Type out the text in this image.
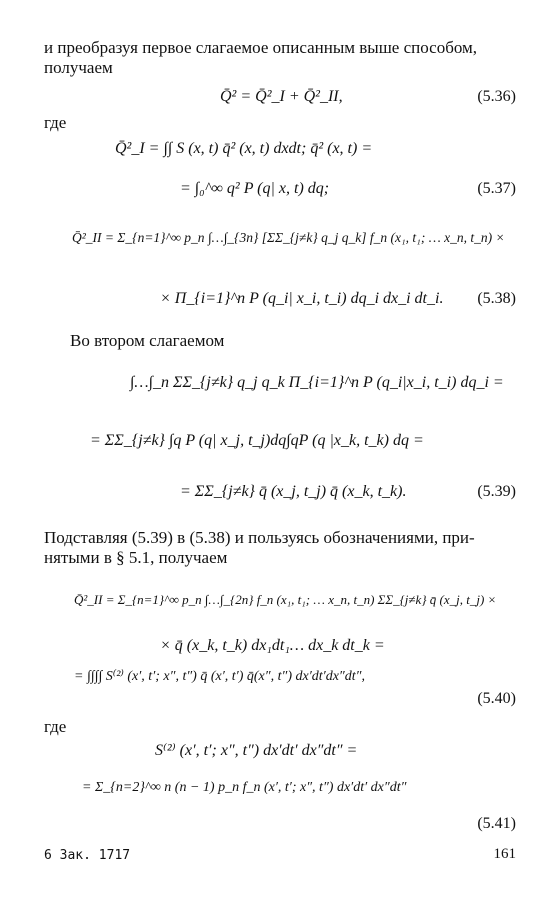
и преобразуя первое слагаемое описанным выше способом,
получаем
Q̄² = Q̄²_I + Q̄²_II,	(5.36)
где
Q̄²_I = ∫∫ S (x, t) q̄² (x, t) dxdt; q̄² (x, t) =
= ∫₀^∞ q² P (q| x, t) dq;	(5.37)
Q̄²_II = Σ_{n=1}^∞ p_n ∫…∫_{3n} [ΣΣ_{j≠k} q_j q_k] f_n (x₁, t₁; … x_n, t_n) ×
× Π_{i=1}^n P (q_i| x_i, t_i) dq_i dx_i dt_i. (5.38)
Во втором слагаемом
∫…∫_n ΣΣ_{j≠k} q_j q_k Π_{i=1}^n P (q_i|x_i, t_i) dq_i =
= ΣΣ_{j≠k} ∫q P (q| x_j, t_j)dq∫qP (q |x_k, t_k) dq =
= ΣΣ_{j≠k} q̄ (x_j, t_j) q̄ (x_k, t_k).	(5.39)
Подставляя (5.39) в (5.38) и пользуясь обозначениями, при-
нятыми в § 5.1, получаем
Q̄²_II = Σ_{n=1}^∞ p_n ∫…∫_{2n} f_n (x₁, t₁; … x_n, t_n) ΣΣ_{j≠k} q̄ (x_j, t_j) ×
× q̄ (x_k, t_k) dx₁dt₁… dx_k dt_k =
= ∫∫∫∫ S⁽²⁾ (x′, t′; x″, t″) q̄ (x′, t′) q̄(x″, t″) dx′dt′dx″dt″,
(5.40)
где
S⁽²⁾ (x′, t′; x″, t″) dx′dt′ dx″dt″ =
= Σ_{n=2}^∞ n (n − 1) p_n f_n (x′, t′; x″, t″) dx′dt′ dx″dt″
(5.41)
6 Зак. 1717	161
